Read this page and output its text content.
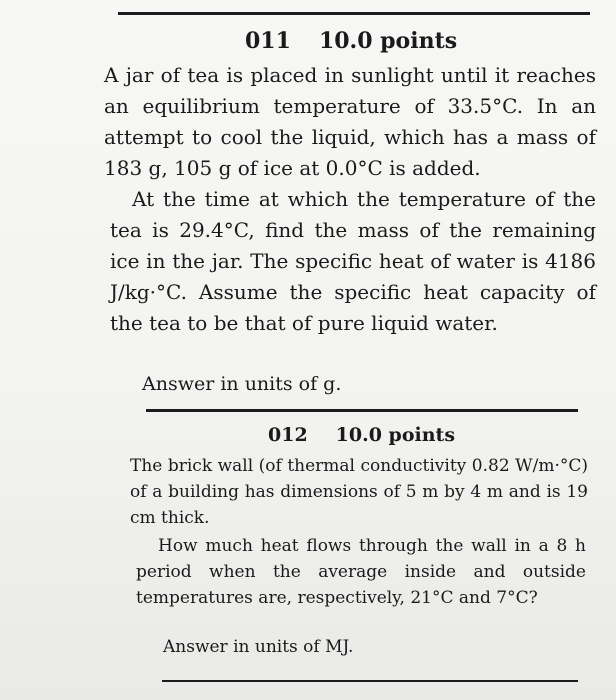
011 10.0 points

A jar of tea is placed in sunlight until it reaches an equilibrium temperature of 33.5°C. In an attempt to cool the liquid, which has a mass of 183 g, 105 g of ice at 0.0°C is added.

At the time at which the temperature of the tea is 29.4°C, find the mass of the remaining ice in the jar. The specific heat of water is 4186 J/kg·°C. Assume the specific heat capacity of the tea to be that of pure liquid water.

Answer in units of g.

012 10.0 points

The brick wall (of thermal conductivity 0.82 W/m·°C) of a building has dimensions of 5 m by 4 m and is 19 cm thick.

How much heat flows through the wall in a 8 h period when the average inside and outside temperatures are, respectively, 21°C and 7°C?

Answer in units of MJ.
